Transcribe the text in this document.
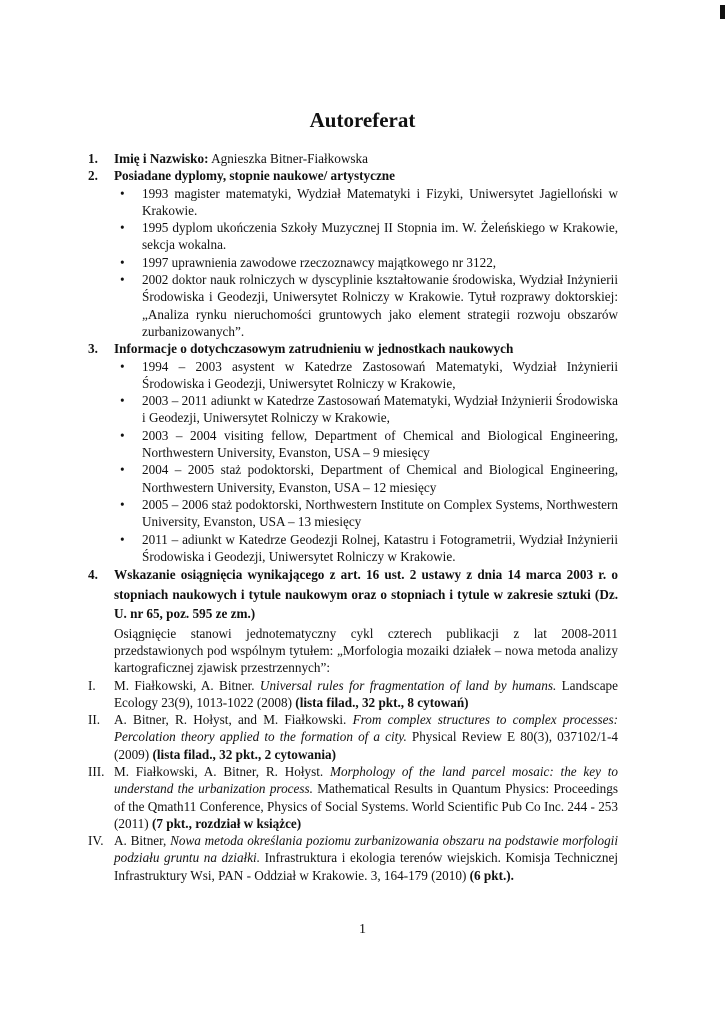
Autoreferat
1.	Imię i Nazwisko: Agnieszka Bitner-Fiałkowska
2.	Posiadane dyplomy, stopnie naukowe/ artystyczne
• 1993 magister matematyki, Wydział Matematyki i Fizyki, Uniwersytet Jagielloński w Krakowie.
• 1995 dyplom ukończenia Szkoły Muzycznej II Stopnia im. W. Żeleńskiego w Krakowie, sekcja wokalna.
• 1997 uprawnienia zawodowe rzeczoznawcy majątkowego nr 3122,
• 2002 doktor nauk rolniczych w dyscyplinie kształtowanie środowiska, Wydział Inżynierii Środowiska i Geodezji, Uniwersytet Rolniczy w Krakowie. Tytuł rozprawy doktorskiej: „Analiza rynku nieruchomości gruntowych jako element strategii rozwoju obszarów zurbanizowanych”.
3.	Informacje o dotychczasowym zatrudnieniu w jednostkach naukowych
• 1994 – 2003 asystent w Katedrze Zastosowań Matematyki, Wydział Inżynierii Środowiska i Geodezji, Uniwersytet Rolniczy w Krakowie,
• 2003 – 2011 adiunkt w Katedrze Zastosowań Matematyki, Wydział Inżynierii Środowiska i Geodezji, Uniwersytet Rolniczy w Krakowie,
• 2003 – 2004 visiting fellow, Department of Chemical and Biological Engineering, Northwestern University, Evanston, USA – 9 miesięcy
• 2004 – 2005 staż podoktorski, Department of Chemical and Biological Engineering, Northwestern University, Evanston, USA – 12 miesięcy
• 2005 – 2006 staż podoktorski, Northwestern Institute on Complex Systems, Northwestern University, Evanston, USA – 13 miesięcy
• 2011 – adiunkt w Katedrze Geodezji Rolnej, Katastru i Fotogrametrii, Wydział Inżynierii Środowiska i Geodezji, Uniwersytet Rolniczy w Krakowie.
4.	Wskazanie osiągnięcia wynikającego z art. 16 ust. 2 ustawy z dnia 14 marca 2003 r. o stopniach naukowych i tytule naukowym oraz o stopniach i tytule w zakresie sztuki (Dz. U. nr 65, poz. 595 ze zm.)
Osiągnięcie stanowi jednotematyczny cykl czterech publikacji z lat 2008-2011 przedstawionych pod wspólnym tytułem: „Morfologia mozaiki działek – nowa metoda analizy kartograficznej zjawisk przestrzennych”:
I.	M. Fiałkowski, A. Bitner. Universal rules for fragmentation of land by humans. Landscape Ecology 23(9), 1013-1022 (2008) (lista filad., 32 pkt., 8 cytowań)
II.	A. Bitner, R. Hołyst, and M. Fiałkowski. From complex structures to complex processes: Percolation theory applied to the formation of a city. Physical Review E 80(3), 037102/1-4 (2009) (lista filad., 32 pkt., 2 cytowania)
III. M. Fiałkowski, A. Bitner, R. Hołyst. Morphology of the land parcel mosaic: the key to understand the urbanization process. Mathematical Results in Quantum Physics: Proceedings of the Qmath11 Conference, Physics of Social Systems. World Scientific Pub Co Inc. 244 - 253 (2011) (7 pkt., rozdział w książce)
IV. A. Bitner, Nowa metoda określania poziomu zurbanizowania obszaru na podstawie morfologii podziału gruntu na działki. Infrastruktura i ekologia terenów wiejskich. Komisja Technicznej Infrastruktury Wsi, PAN - Oddział w Krakowie. 3, 164-179 (2010) (6 pkt.).
1
